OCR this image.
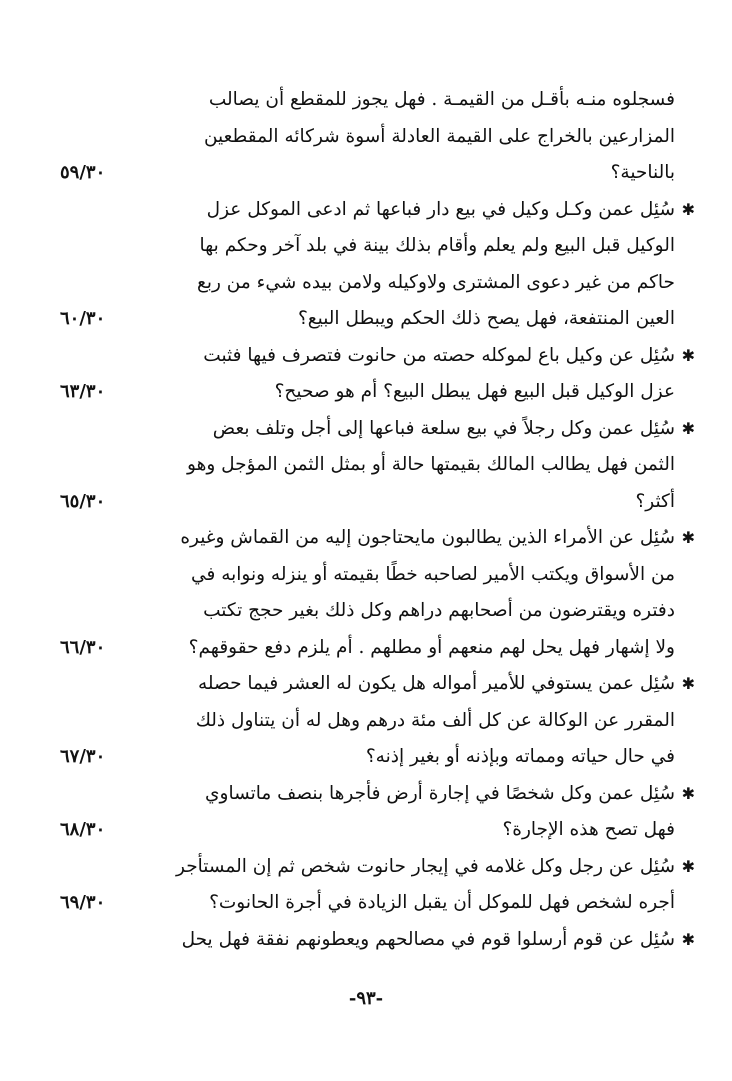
فسجلوه منـه بأقـل من القيمـة . فهل يجوز للمقطع أن يصالب
المزارعين بالخراج على القيمة العادلة أسوة شركائه المقطعين
بالناحية؟
٥٩/٣٠
✱
سُئِل عمن وكـل وكيل في بيع دار فباعها ثم ادعى الموكل عزل
الوكيل قبل البيع ولم يعلم وأقام بذلك بينة في بلد آخر وحكم بها
حاكم من غير دعوى المشترى ولاوكيله ولامن بيده شيء من ربع
العين المنتفعة، فهل يصح ذلك الحكم ويبطل البيع؟
٦٠/٣٠
✱
سُئِل عن وكيل باع لموكله حصته من حانوت فتصرف فيها فثبت
عزل الوكيل قبل البيع فهل يبطل البيع؟ أم هو صحيح؟
٦٣/٣٠
✱
سُئِل عمن وكل رجلاً في بيع سلعة فباعها إلى أجل وتلف بعض
الثمن فهل يطالب المالك بقيمتها حالة أو بمثل الثمن المؤجل وهو
أكثر؟
٦٥/٣٠
✱
سُئِل عن الأمراء الذين يطالبون مايحتاجون إليه من القماش وغيره
من الأسواق ويكتب الأمير لصاحبه خطًا بقيمته أو ينزله ونوابه في
دفتره ويقترضون من أصحابهم دراهم وكل ذلك بغير حجج تكتب
ولا إشهار فهل يحل لهم منعهم أو مطلهم . أم يلزم دفع حقوقهم؟
٦٦/٣٠
✱
سُئِل عمن يستوفي للأمير أمواله هل يكون له العشر فيما حصله
المقرر عن الوكالة عن كل ألف مئة درهم وهل له أن يتناول ذلك
في حال حياته ومماته وبإذنه أو بغير إذنه؟
٦٧/٣٠
✱
سُئِل عمن وكل شخصًا في إجارة أرض فأجرها بنصف ماتساوي
فهل تصح هذه الإجارة؟
٦٨/٣٠
✱
سُئِل عن رجل وكل غلامه في إيجار حانوت شخص ثم إن المستأجر
أجره لشخص فهل للموكل أن يقبل الزيادة في أجرة الحانوت؟
٦٩/٣٠
✱
سُئِل عن قوم أرسلوا قوم في مصالحهم ويعطونهم نفقة فهل يحل
-٩٣-
